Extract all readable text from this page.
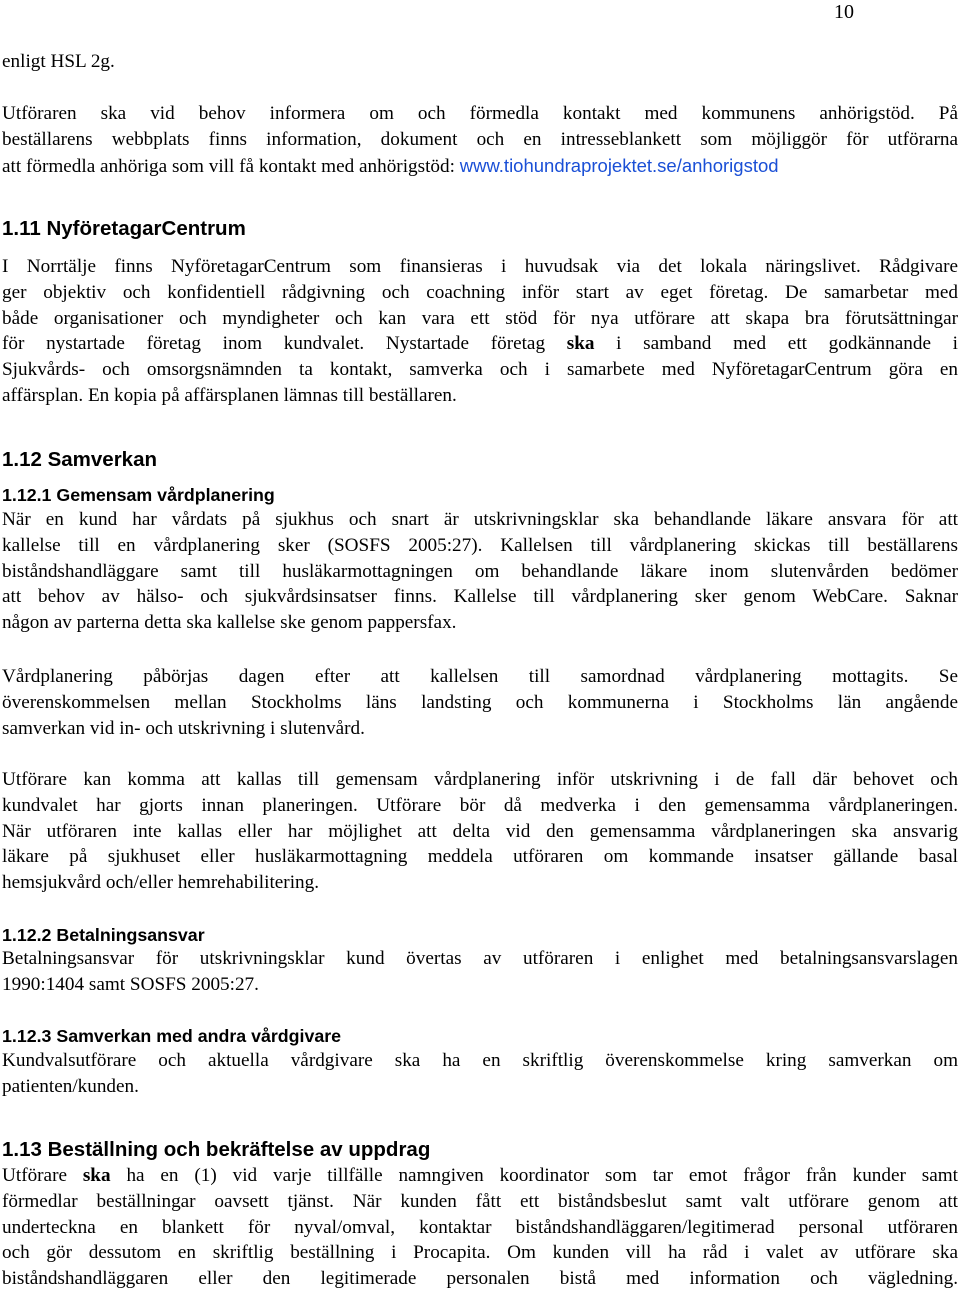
10

enligt HSL 2g.

Utföraren ska vid behov informera om och förmedla kontakt med kommunens anhörigstöd. På
beställarens webbplats finns information, dokument och en intresseblankett som möjliggör för utförarna
att förmedla anhöriga som vill få kontakt med anhörigstöd: www.tiohundraprojektet.se/anhorigstod

1.11 NyföretagarCentrum

I Norrtälje finns NyföretagarCentrum som finansieras i huvudsak via det lokala näringslivet. Rådgivare
ger objektiv och konfidentiell rådgivning och coachning inför start av eget företag. De samarbetar med
både organisationer och myndigheter och kan vara ett stöd för nya utförare att skapa bra förutsättningar
för nystartade företag inom kundvalet. Nystartade företag ska i samband med ett godkännande i
Sjukvårds- och omsorgsnämnden ta kontakt, samverka och i samarbete med NyföretagarCentrum göra en
affärsplan. En kopia på affärsplanen lämnas till beställaren.

1.12 Samverkan
1.12.1 Gemensam vårdplanering

När en kund har vårdats på sjukhus och snart är utskrivningsklar ska behandlande läkare ansvara för att
kallelse till en vårdplanering sker (SOSFS 2005:27). Kallelsen till vårdplanering skickas till beställarens
biståndshandläggare samt till husläkarmottagningen om behandlande läkare inom slutenvården bedömer
att behov av hälso- och sjukvårdsinsatser finns. Kallelse till vårdplanering sker genom WebCare. Saknar
någon av parterna detta ska kallelse ske genom pappersfax.

Vårdplanering påbörjas dagen efter att kallelsen till samordnad vårdplanering mottagits. Se
överenskommelsen mellan Stockholms läns landsting och kommunerna i Stockholms län angående
samverkan vid in- och utskrivning i slutenvård.

Utförare kan komma att kallas till gemensam vårdplanering inför utskrivning i de fall där behovet och
kundvalet har gjorts innan planeringen. Utförare bör då medverka i den gemensamma vårdplaneringen.
När utföraren inte kallas eller har möjlighet att delta vid den gemensamma vårdplaneringen ska ansvarig
läkare på sjukhuset eller husläkarmottagning meddela utföraren om kommande insatser gällande basal
hemsjukvård och/eller hemrehabilitering.

1.12.2 Betalningsansvar

Betalningsansvar för utskrivningsklar kund övertas av utföraren i enlighet med betalningsansvarslagen
1990:1404 samt SOSFS 2005:27.

1.12.3 Samverkan med andra vårdgivare

Kundvalsutförare och aktuella vårdgivare ska ha en skriftlig överenskommelse kring samverkan om
patienten/kunden.

1.13 Beställning och bekräftelse av uppdrag

Utförare ska ha en (1) vid varje tillfälle namngiven koordinator som tar emot frågor från kunder samt
förmedlar beställningar oavsett tjänst. När kunden fått ett biståndsbeslut samt valt utförare genom att
underteckna en blankett för nyval/omval, kontaktar biståndshandläggaren/legitimerad personal utföraren
och gör dessutom en skriftlig beställning i Procapita. Om kunden vill ha råd i valet av utförare ska
biståndshandläggaren eller den legitimerade personalen bistå med information och vägledning.
